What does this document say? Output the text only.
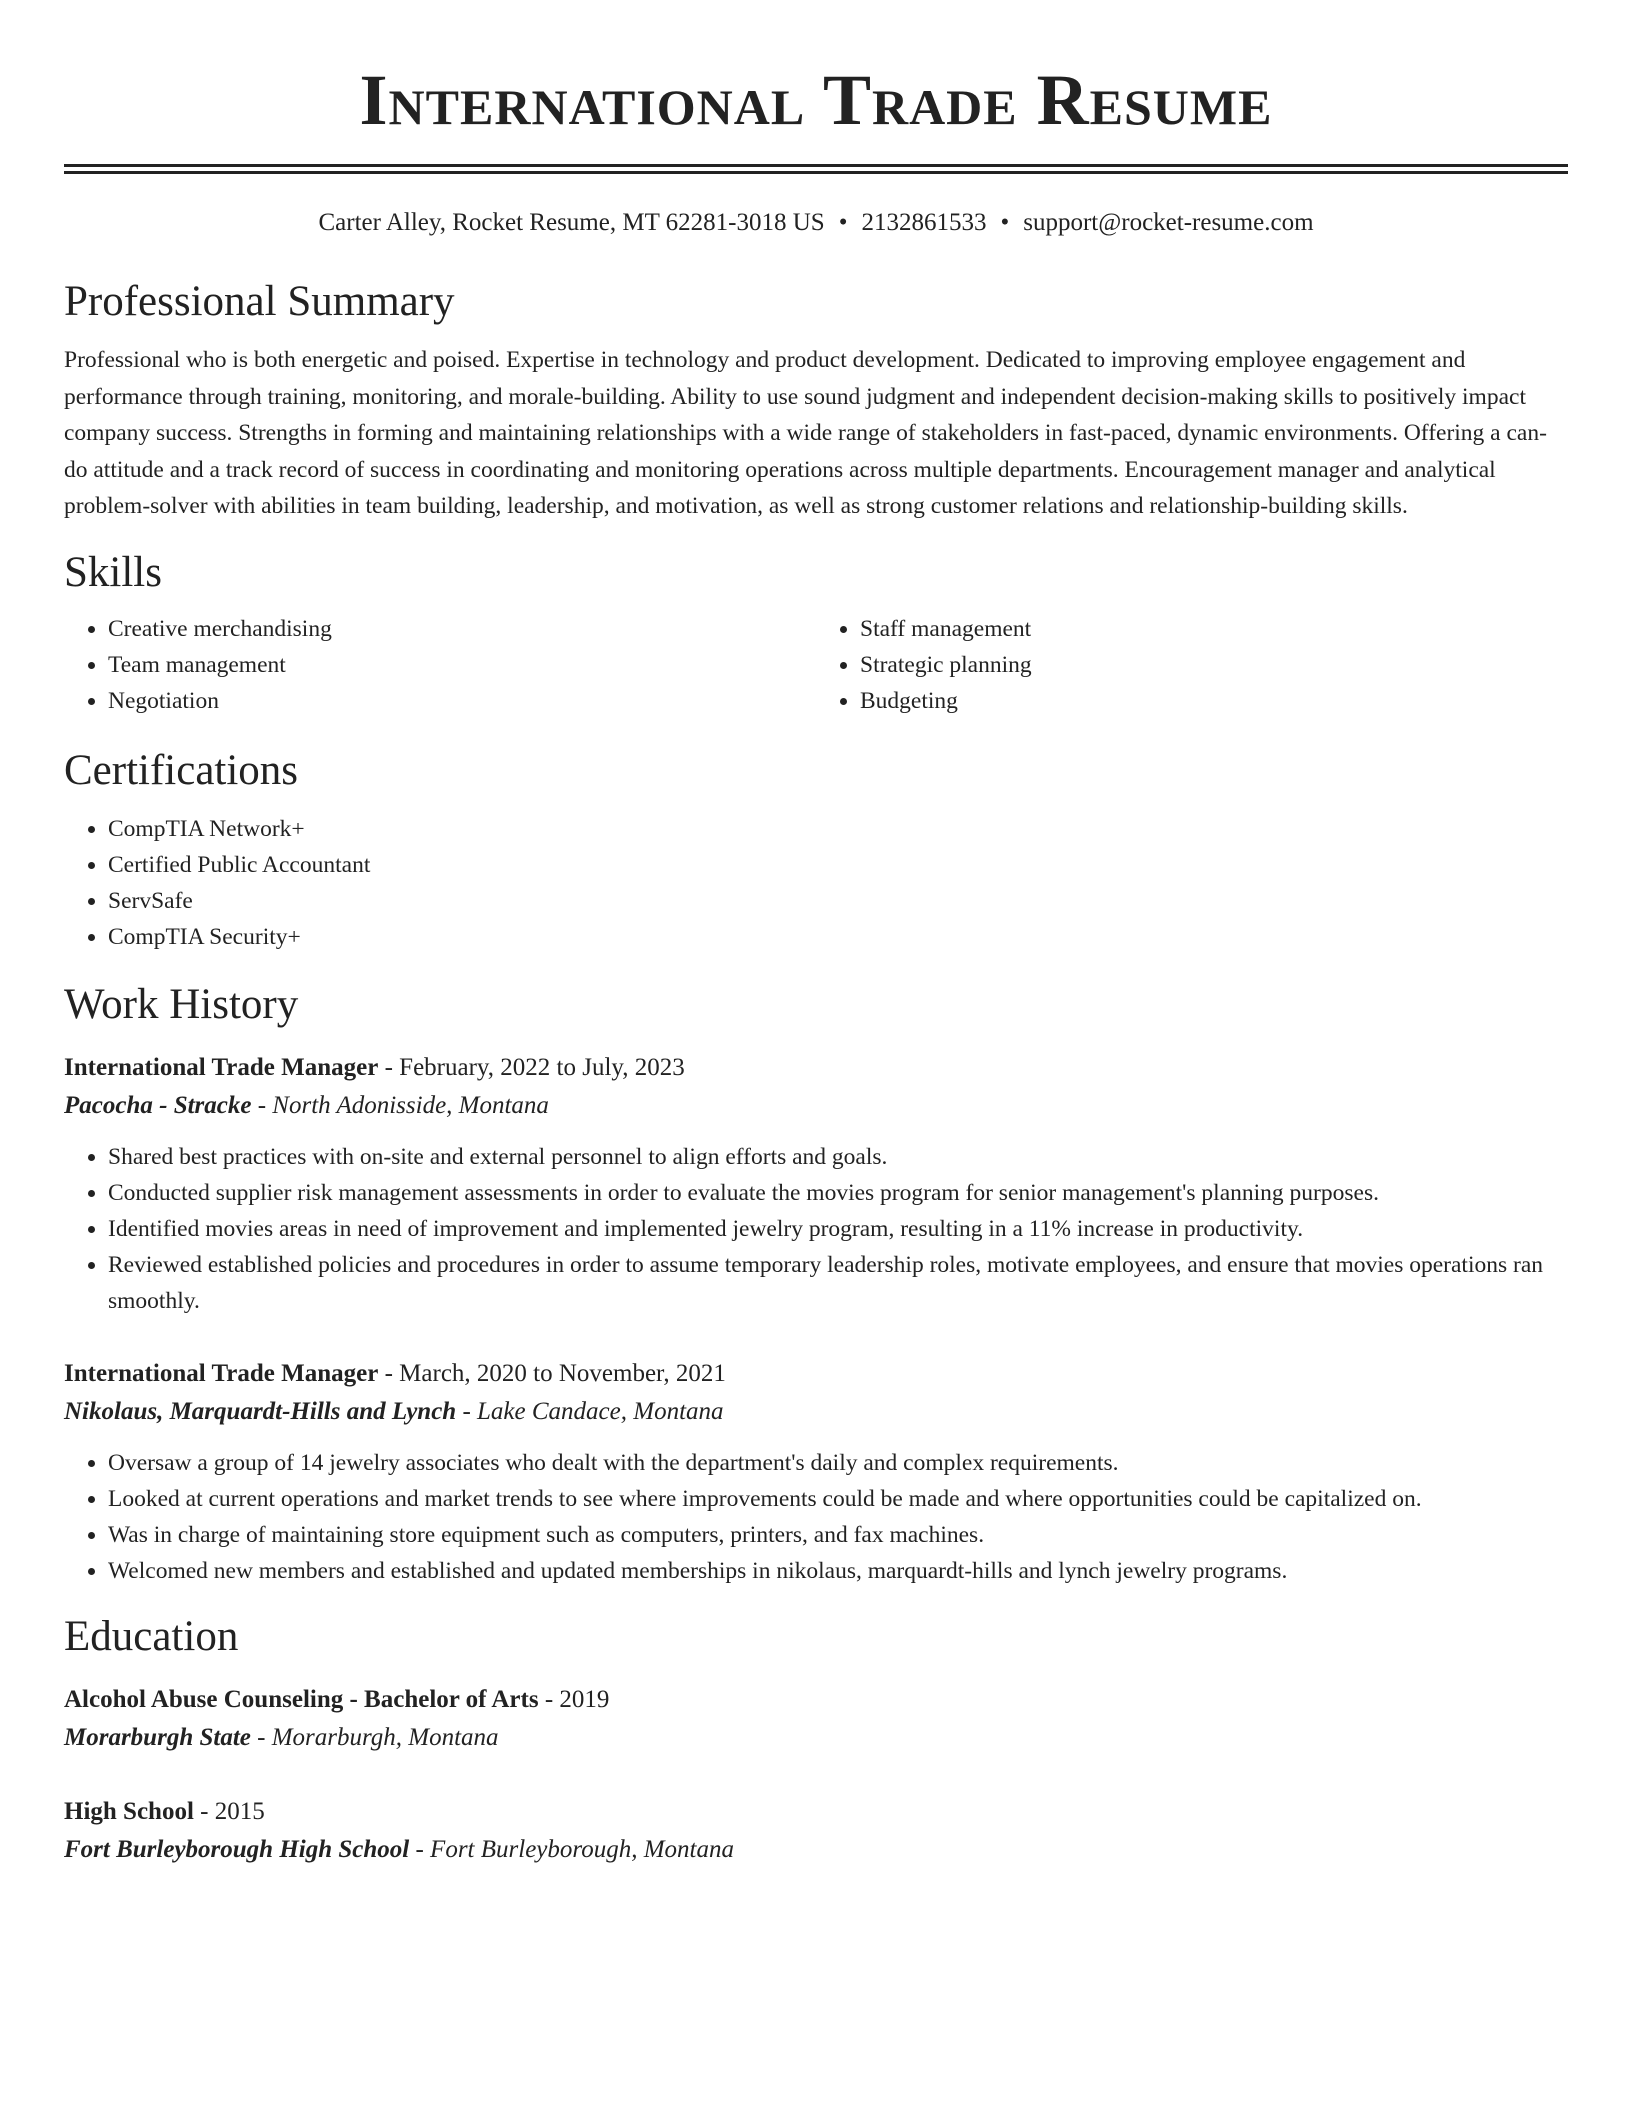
International Trade Resume
Carter Alley, Rocket Resume, MT 62281-3018 US • 2132861533 • support@rocket-resume.com
Professional Summary

Professional who is both energetic and poised. Expertise in technology and product development. Dedicated to improving employee engagement and performance through training, monitoring, and morale-building. Ability to use sound judgment and independent decision-making skills to positively impact company success. Strengths in forming and maintaining relationships with a wide range of stakeholders in fast-paced, dynamic environments. Offering a can-do attitude and a track record of success in coordinating and monitoring operations across multiple departments. Encouragement manager and analytical problem-solver with abilities in team building, leadership, and motivation, as well as strong customer relations and relationship-building skills.

Skills
• Creative merchandising
• Team management
• Negotiation
• Staff management
• Strategic planning
• Budgeting
Certifications
• CompTIA Network+
• Certified Public Accountant
• ServSafe
• CompTIA Security+
Work History
International Trade Manager - February, 2022 to July, 2023
Pacocha - Stracke - North Adonisside, Montana
• Shared best practices with on-site and external personnel to align efforts and goals.
• Conducted supplier risk management assessments in order to evaluate the movies program for senior management's planning purposes.
• Identified movies areas in need of improvement and implemented jewelry program, resulting in a 11% increase in productivity.
• Reviewed established policies and procedures in order to assume temporary leadership roles, motivate employees, and ensure that movies operations ran smoothly.
International Trade Manager - March, 2020 to November, 2021
Nikolaus, Marquardt-Hills and Lynch - Lake Candace, Montana
• Oversaw a group of 14 jewelry associates who dealt with the department's daily and complex requirements.
• Looked at current operations and market trends to see where improvements could be made and where opportunities could be capitalized on.
• Was in charge of maintaining store equipment such as computers, printers, and fax machines.
• Welcomed new members and established and updated memberships in nikolaus, marquardt-hills and lynch jewelry programs.
Education
Alcohol Abuse Counseling - Bachelor of Arts - 2019
Morarburgh State - Morarburgh, Montana
High School - 2015
Fort Burleyborough High School - Fort Burleyborough, Montana
